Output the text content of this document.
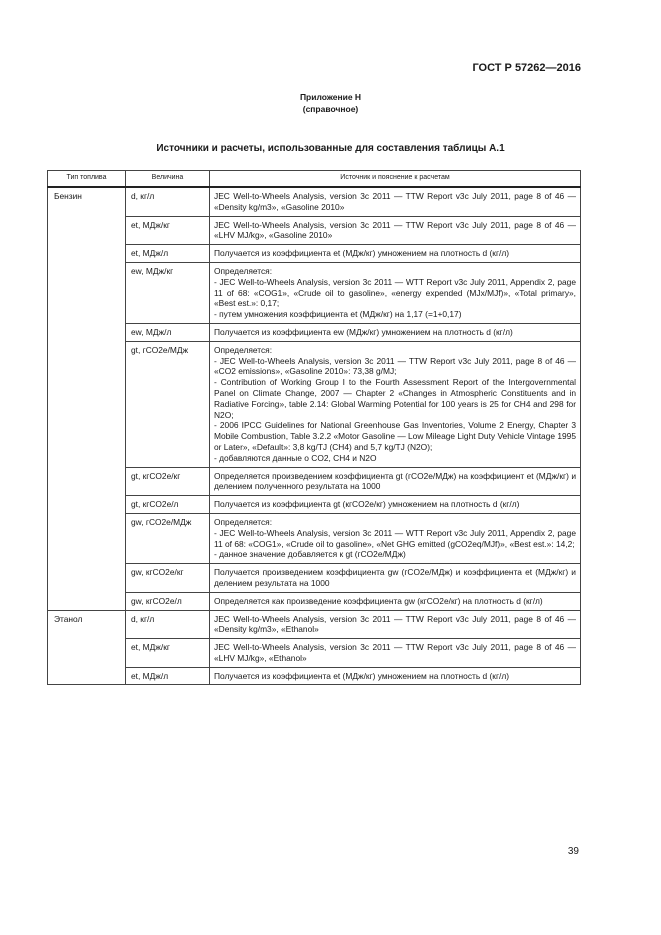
ГОСТ Р 57262—2016
Приложение Н
(справочное)
Источники и расчеты, использованные для составления таблицы А.1
Тип топлива	Величина	Источник и пояснение к расчетам
Бензин	d, кг/л	JEC Well-to-Wheels Analysis, version 3c 2011 — TTW Report v3c July 2011, page 8 of 46 — «Density kg/m3», «Gasoline 2010»

	et, МДж/кг	JEC Well-to-Wheels Analysis, version 3c 2011 — TTW Report v3c July 2011, page 8 of 46 — «LHV MJ/kg», «Gasoline 2010»

	et, МДж/л	Получается из коэффициента et (МДж/кг) умножением на плотность d (кг/л)

	ew, МДж/кг	Определяется:
- JEC Well-to-Wheels Analysis, version 3c 2011 — WTT Report v3c July 2011, Appendix 2, page 11 of 68: «COG1», «Crude oil to gasoline», «energy expended (MJx/MJf)», «Total primary», «Best est.»: 0,17;
- путем умножения коэффициента et (МДж/кг) на 1,17 (=1+0,17)

	ew, МДж/л	Получается из коэффициента ew (МДж/кг) умножением на плотность d (кг/л)

	gt, гCO2e/МДж	Определяется:
- JEC Well-to-Wheels Analysis, version 3c 2011 — TTW Report v3c July 2011, page 8 of 46 — «CO2 emissions», «Gasoline 2010»: 73,38 g/MJ;
- Contribution of Working Group I to the Fourth Assessment Report of the Intergovernmental Panel on Climate Change, 2007 — Chapter 2 «Changes in Atmospheric Constituents and in Radiative Forcing», table 2.14: Global Warming Potential for 100 years is 25 for CH4 and 298 for N2O;
- 2006 IPCC Guidelines for National Greenhouse Gas Inventories, Volume 2 Energy, Chapter 3 Mobile Combustion, Table 3.2.2 «Motor Gasoline — Low Mileage Light Duty Vehicle Vintage 1995 or Later», «Default»: 3,8 kg/TJ (CH4) and 5,7 kg/TJ (N2O);
- добавляются данные о CO2, CH4 и N2O

	gt, кгCO2e/кг	Определяется произведением коэффициента gt (гCO2e/МДж) на коэффициент et (МДж/кг) и делением полученного результата на 1000

	gt, кгCO2e/л	Получается из коэффициента gt (кгCO2e/кг) умножением на плотность d (кг/л)

	gw, гCO2e/МДж	Определяется:
- JEC Well-to-Wheels Analysis, version 3c 2011 — WTT Report v3c July 2011, Appendix 2, page 11 of 68: «COG1», «Crude oil to gasoline», «Net GHG emitted (gCO2eq/MJf)», «Best est.»: 14,2;
- данное значение добавляется к gt (гCO2e/МДж)

	gw, кгCO2e/кг	Получается произведением коэффициента gw (гCO2e/МДж) и коэффициента et (МДж/кг) и делением результата на 1000

	gw, кгCO2e/л	Определяется как произведение коэффициента gw (кгCO2e/кг) на плотность d (кг/л)

Этанол	d, кг/л	JEC Well-to-Wheels Analysis, version 3c 2011 — TTW Report v3c July 2011, page 8 of 46 — «Density kg/m3», «Ethanol»

	et, МДж/кг	JEC Well-to-Wheels Analysis, version 3c 2011 — TTW Report v3c July 2011, page 8 of 46 — «LHV MJ/kg», «Ethanol»

	et, МДж/л	Получается из коэффициента et (МДж/кг) умножением на плотность d (кг/л)
39
